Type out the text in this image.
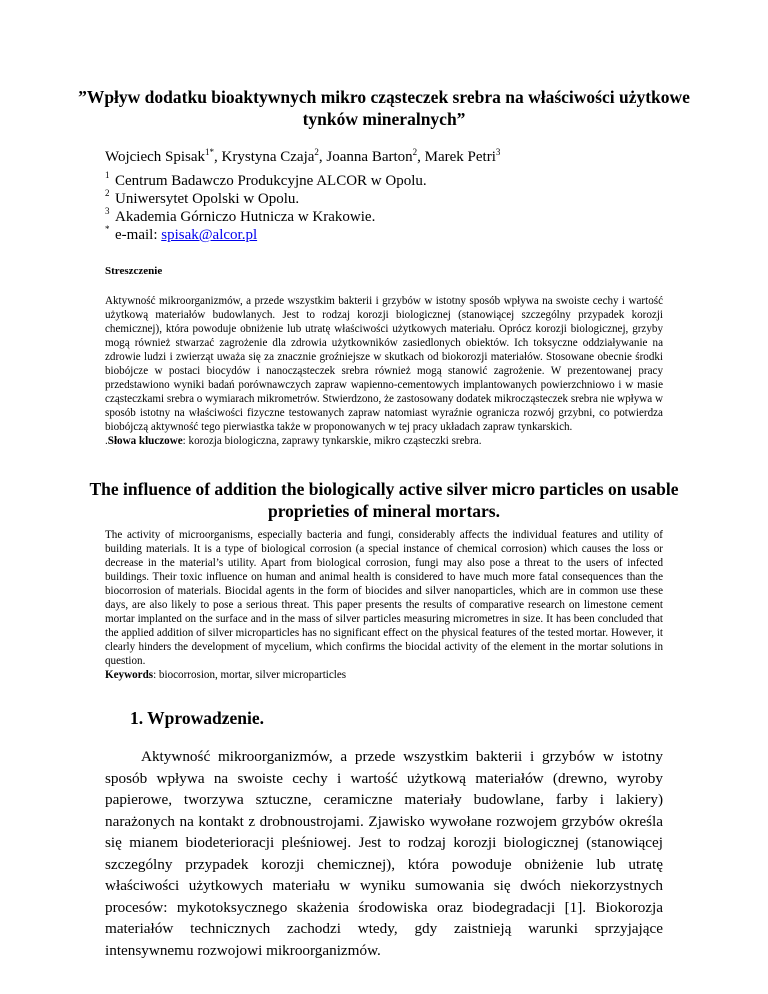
”Wpływ dodatku bioaktywnych mikro cząsteczek srebra na właściwości użytkowe tynków mineralnych”
Wojciech Spisak$^{1*}$, Krystyna Czaja$^2$, Joanna Barton$^2$, Marek Petri$^3$
1 Centrum Badawczo Produkcyjne ALCOR w Opolu.
2 Uniwersytet Opolski w Opolu.
3 Akademia Górniczo Hutnicza w Krakowie.
* e-mail: spisak@alcor.pl
Streszczenie

Aktywność mikroorganizmów, a przede wszystkim bakterii i grzybów w istotny sposób wpływa na swoiste cechy i wartość użytkową materiałów budowlanych. Jest to rodzaj korozji biologicznej (stanowiącej szczególny przypadek korozji chemicznej), która powoduje obniżenie lub utratę właściwości użytkowych materiału. Oprócz korozji biologicznej, grzyby mogą również stwarzać zagrożenie dla zdrowia użytkowników zasiedlonych obiektów. Ich toksyczne oddziaływanie na zdrowie ludzi i zwierząt uważa się za znacznie groźniejsze w skutkach od biokorozji materiałów. Stosowane obecnie środki biobójcze w postaci biocydów i nanocząsteczek srebra również mogą stanowić zagrożenie. W prezentowanej pracy przedstawiono wyniki badań porównawczych zapraw wapienno-cementowych implantowanych powierzchniowo i w masie cząsteczkami srebra o wymiarach mikrometrów. Stwierdzono, że zastosowany dodatek mikrocząsteczek srebra nie wpływa w sposób istotny na właściwości fizyczne testowanych zapraw natomiast wyraźnie ogranicza rozwój grzybni, co potwierdza biobójczą aktywność tego pierwiastka także w proponowanych w tej pracy układach zapraw tynkarskich.

.Słowa kluczowe: korozja biologiczna, zaprawy tynkarskie, mikro cząsteczki srebra.

The influence of addition the biologically active silver micro particles on usable proprieties of mineral mortars.

The activity of microorganisms, especially bacteria and fungi, considerably affects the individual features and utility of building materials. It is a type of biological corrosion (a special instance of chemical corrosion) which causes the loss or decrease in the material’s utility. Apart from biological corrosion, fungi may also pose a threat to the users of infected buildings. Their toxic influence on human and animal health is considered to have much more fatal consequences than the biocorrosion of materials. Biocidal agents in the form of biocides and silver nanoparticles, which are in common use these days, are also likely to pose a serious threat. This paper presents the results of comparative research on limestone cement mortar implanted on the surface and in the mass of silver particles measuring micrometres in size. It has been concluded that the applied addition of silver microparticles has no significant effect on the physical features of the tested mortar. However, it clearly hinders the development of mycelium, which confirms the biocidal activity of the element in the mortar solutions in question.

Keywords: biocorrosion, mortar, silver microparticles

1. Wprowadzenie.

Aktywność mikroorganizmów, a przede wszystkim bakterii i grzybów w istotny sposób wpływa na swoiste cechy i wartość użytkową materiałów (drewno, wyroby papierowe, tworzywa sztuczne, ceramiczne materiały budowlane, farby i lakiery) narażonych na kontakt z drobnoustrojami. Zjawisko wywołane rozwojem grzybów określa się mianem biodeterioracji pleśniowej. Jest to rodzaj korozji biologicznej (stanowiącej szczególny przypadek korozji chemicznej), która powoduje obniżenie lub utratę właściwości użytkowych materiału w wyniku sumowania się dwóch niekorzystnych procesów: mykotoksycznego skażenia środowiska oraz biodegradacji [1]. Biokorozja materiałów technicznych zachodzi wtedy, gdy zaistnieją warunki sprzyjające intensywnemu rozwojowi mikroorganizmów.
